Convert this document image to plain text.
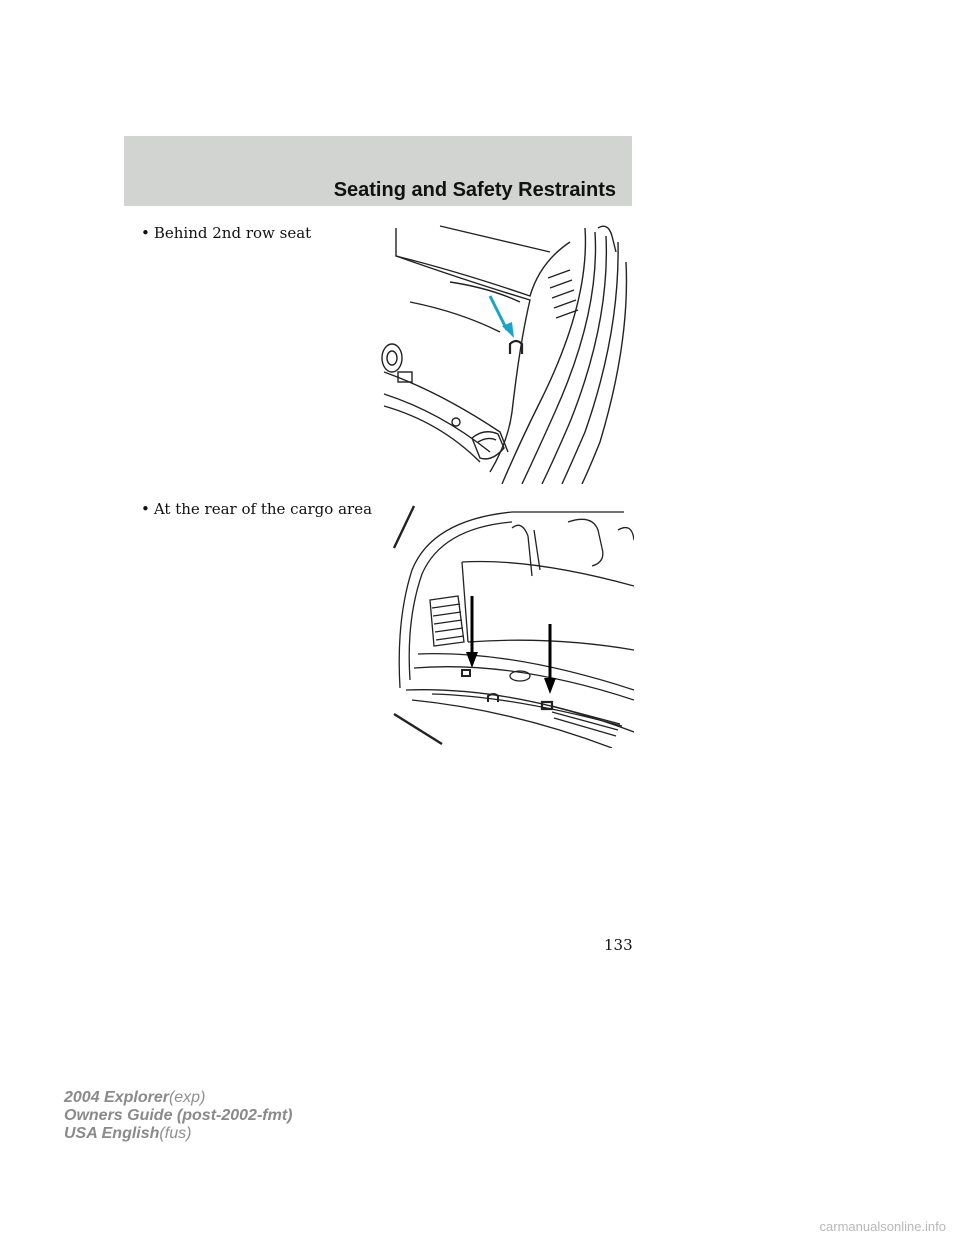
Seating and Safety Restraints
• Behind 2nd row seat
• At the rear of the cargo area
133
2004 Explorer(exp)
Owners Guide (post-2002-fmt)
USA English(fus)
carmanualsonline.info
